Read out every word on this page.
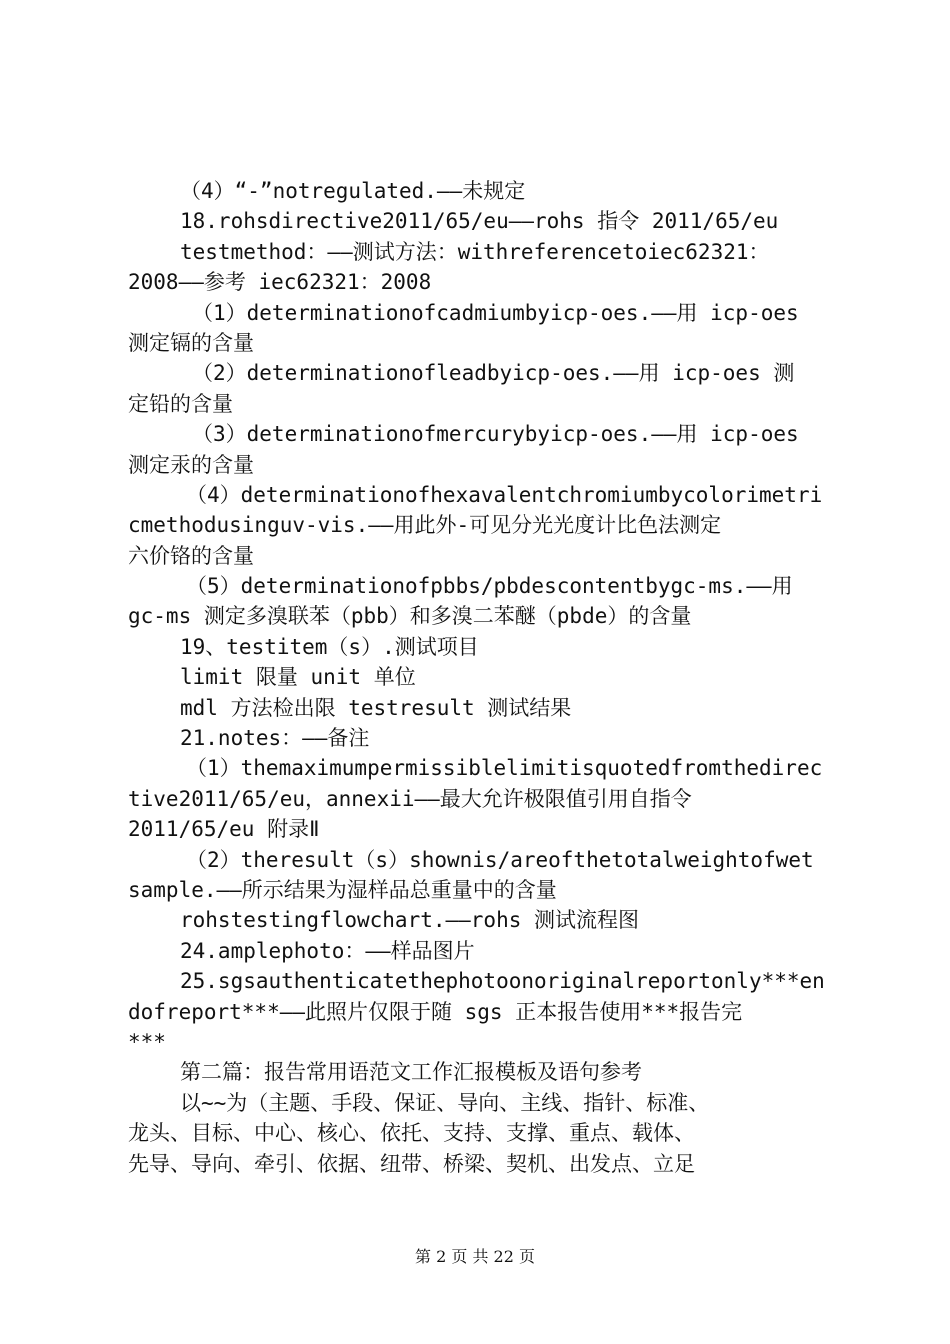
（4）“-”notregulated.——未规定
18.rohsdirective2011/65/eu——rohs 指令 2011/65/eu
testmethod：——测试方法：withreferencetoiec62321：
2008——参考 iec62321：2008
（1）determinationofcadmiumbyicp-oes.——用 icp-oes
测定镉的含量
（2）determinationofleadbyicp-oes.——用 icp-oes 测
定铅的含量
（3）determinationofmercurybyicp-oes.——用 icp-oes
测定汞的含量
（4）determinationofhexavalentchromiumbycolorimetri
cmethodusinguv-vis.——用此外-可见分光光度计比色法测定
六价铬的含量
（5）determinationofpbbs/pbdescontentbygc-ms.——用
gc-ms 测定多溴联苯（pbb）和多溴二苯醚（pbde）的含量
19、testitem（s）.测试项目
limit 限量 unit 单位
mdl 方法检出限 testresult 测试结果
21.notes：——备注
（1）themaximumpermissiblelimitisquotedfromthedirec
tive2011/65/eu，annexii——最大允许极限值引用自指令
2011/65/eu 附录Ⅱ
（2）theresult（s）shownis/areofthetotalweightofwet
sample.——所示结果为湿样品总重量中的含量
rohstestingflowchart.——rohs 测试流程图
24.amplephoto：——样品图片
25.sgsauthenticatethephotoonoriginalreportonly***en
dofreport***——此照片仅限于随 sgs 正本报告使用***报告完
***
第二篇：报告常用语范文工作汇报模板及语句参考
以~~为（主题、手段、保证、导向、主线、指针、标准、
龙头、目标、中心、核心、依托、支持、支撑、重点、载体、
先导、导向、牵引、依据、纽带、桥梁、契机、出发点、立足
第 2 页 共 22 页
